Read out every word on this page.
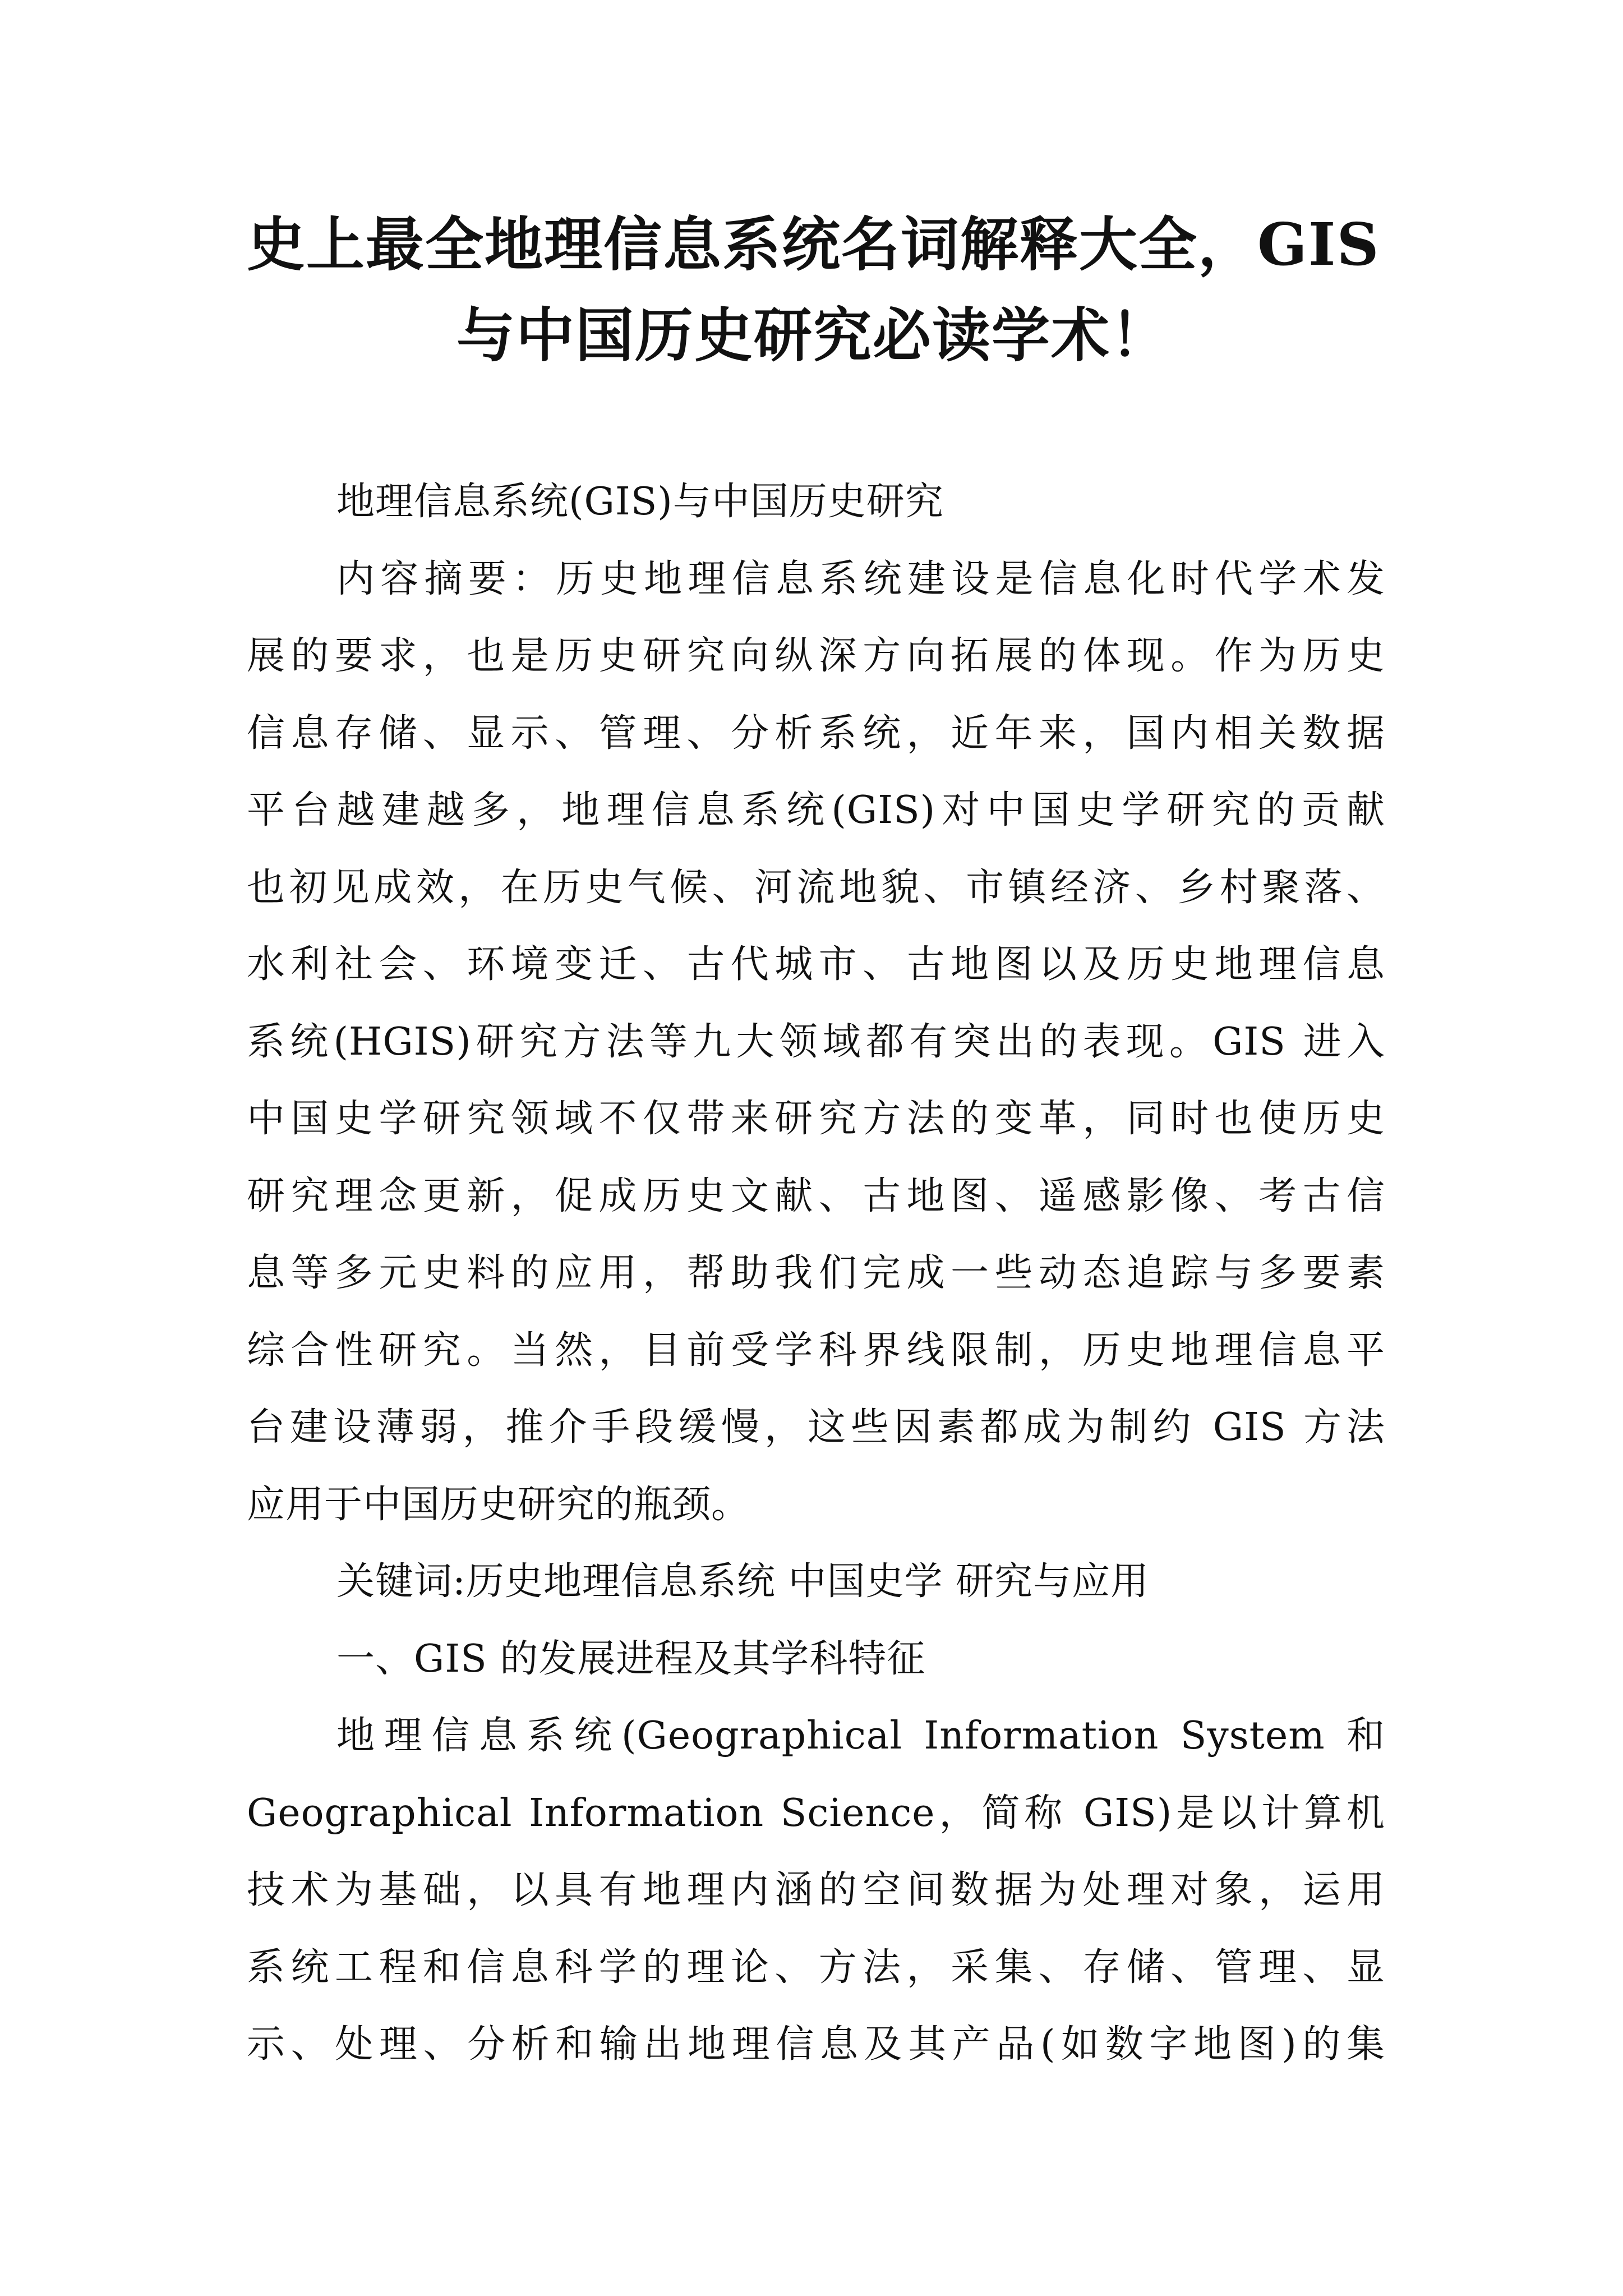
史上最全地理信息系统名词解释大全，GIS
与中国历史研究必读学术！

地理信息系统(GIS)与中国历史研究

内容摘要：历史地理信息系统建设是信息化时代学术发

展的要求，也是历史研究向纵深方向拓展的体现。作为历史

信息存储、显示、管理、分析系统，近年来，国内相关数据

平台越建越多，地理信息系统(GIS)对中国史学研究的贡献

也初见成效，在历史气候、河流地貌、市镇经济、乡村聚落、

水利社会、环境变迁、古代城市、古地图以及历史地理信息

系统(HGIS)研究方法等九大领域都有突出的表现。GIS 进入

中国史学研究领域不仅带来研究方法的变革，同时也使历史

研究理念更新，促成历史文献、古地图、遥感影像、考古信

息等多元史料的应用，帮助我们完成一些动态追踪与多要素

综合性研究。当然，目前受学科界线限制，历史地理信息平

台建设薄弱，推介手段缓慢，这些因素都成为制约 GIS 方法

应用于中国历史研究的瓶颈。

关键词:历史地理信息系统 中国史学 研究与应用

一、GIS 的发展进程及其学科特征

地理信息系统(Geographical Information System 和

Geographical Information Science，简称 GIS)是以计算机

技术为基础，以具有地理内涵的空间数据为处理对象，运用

系统工程和信息科学的理论、方法，采集、存储、管理、显

示、处理、分析和输出地理信息及其产品(如数字地图)的集
